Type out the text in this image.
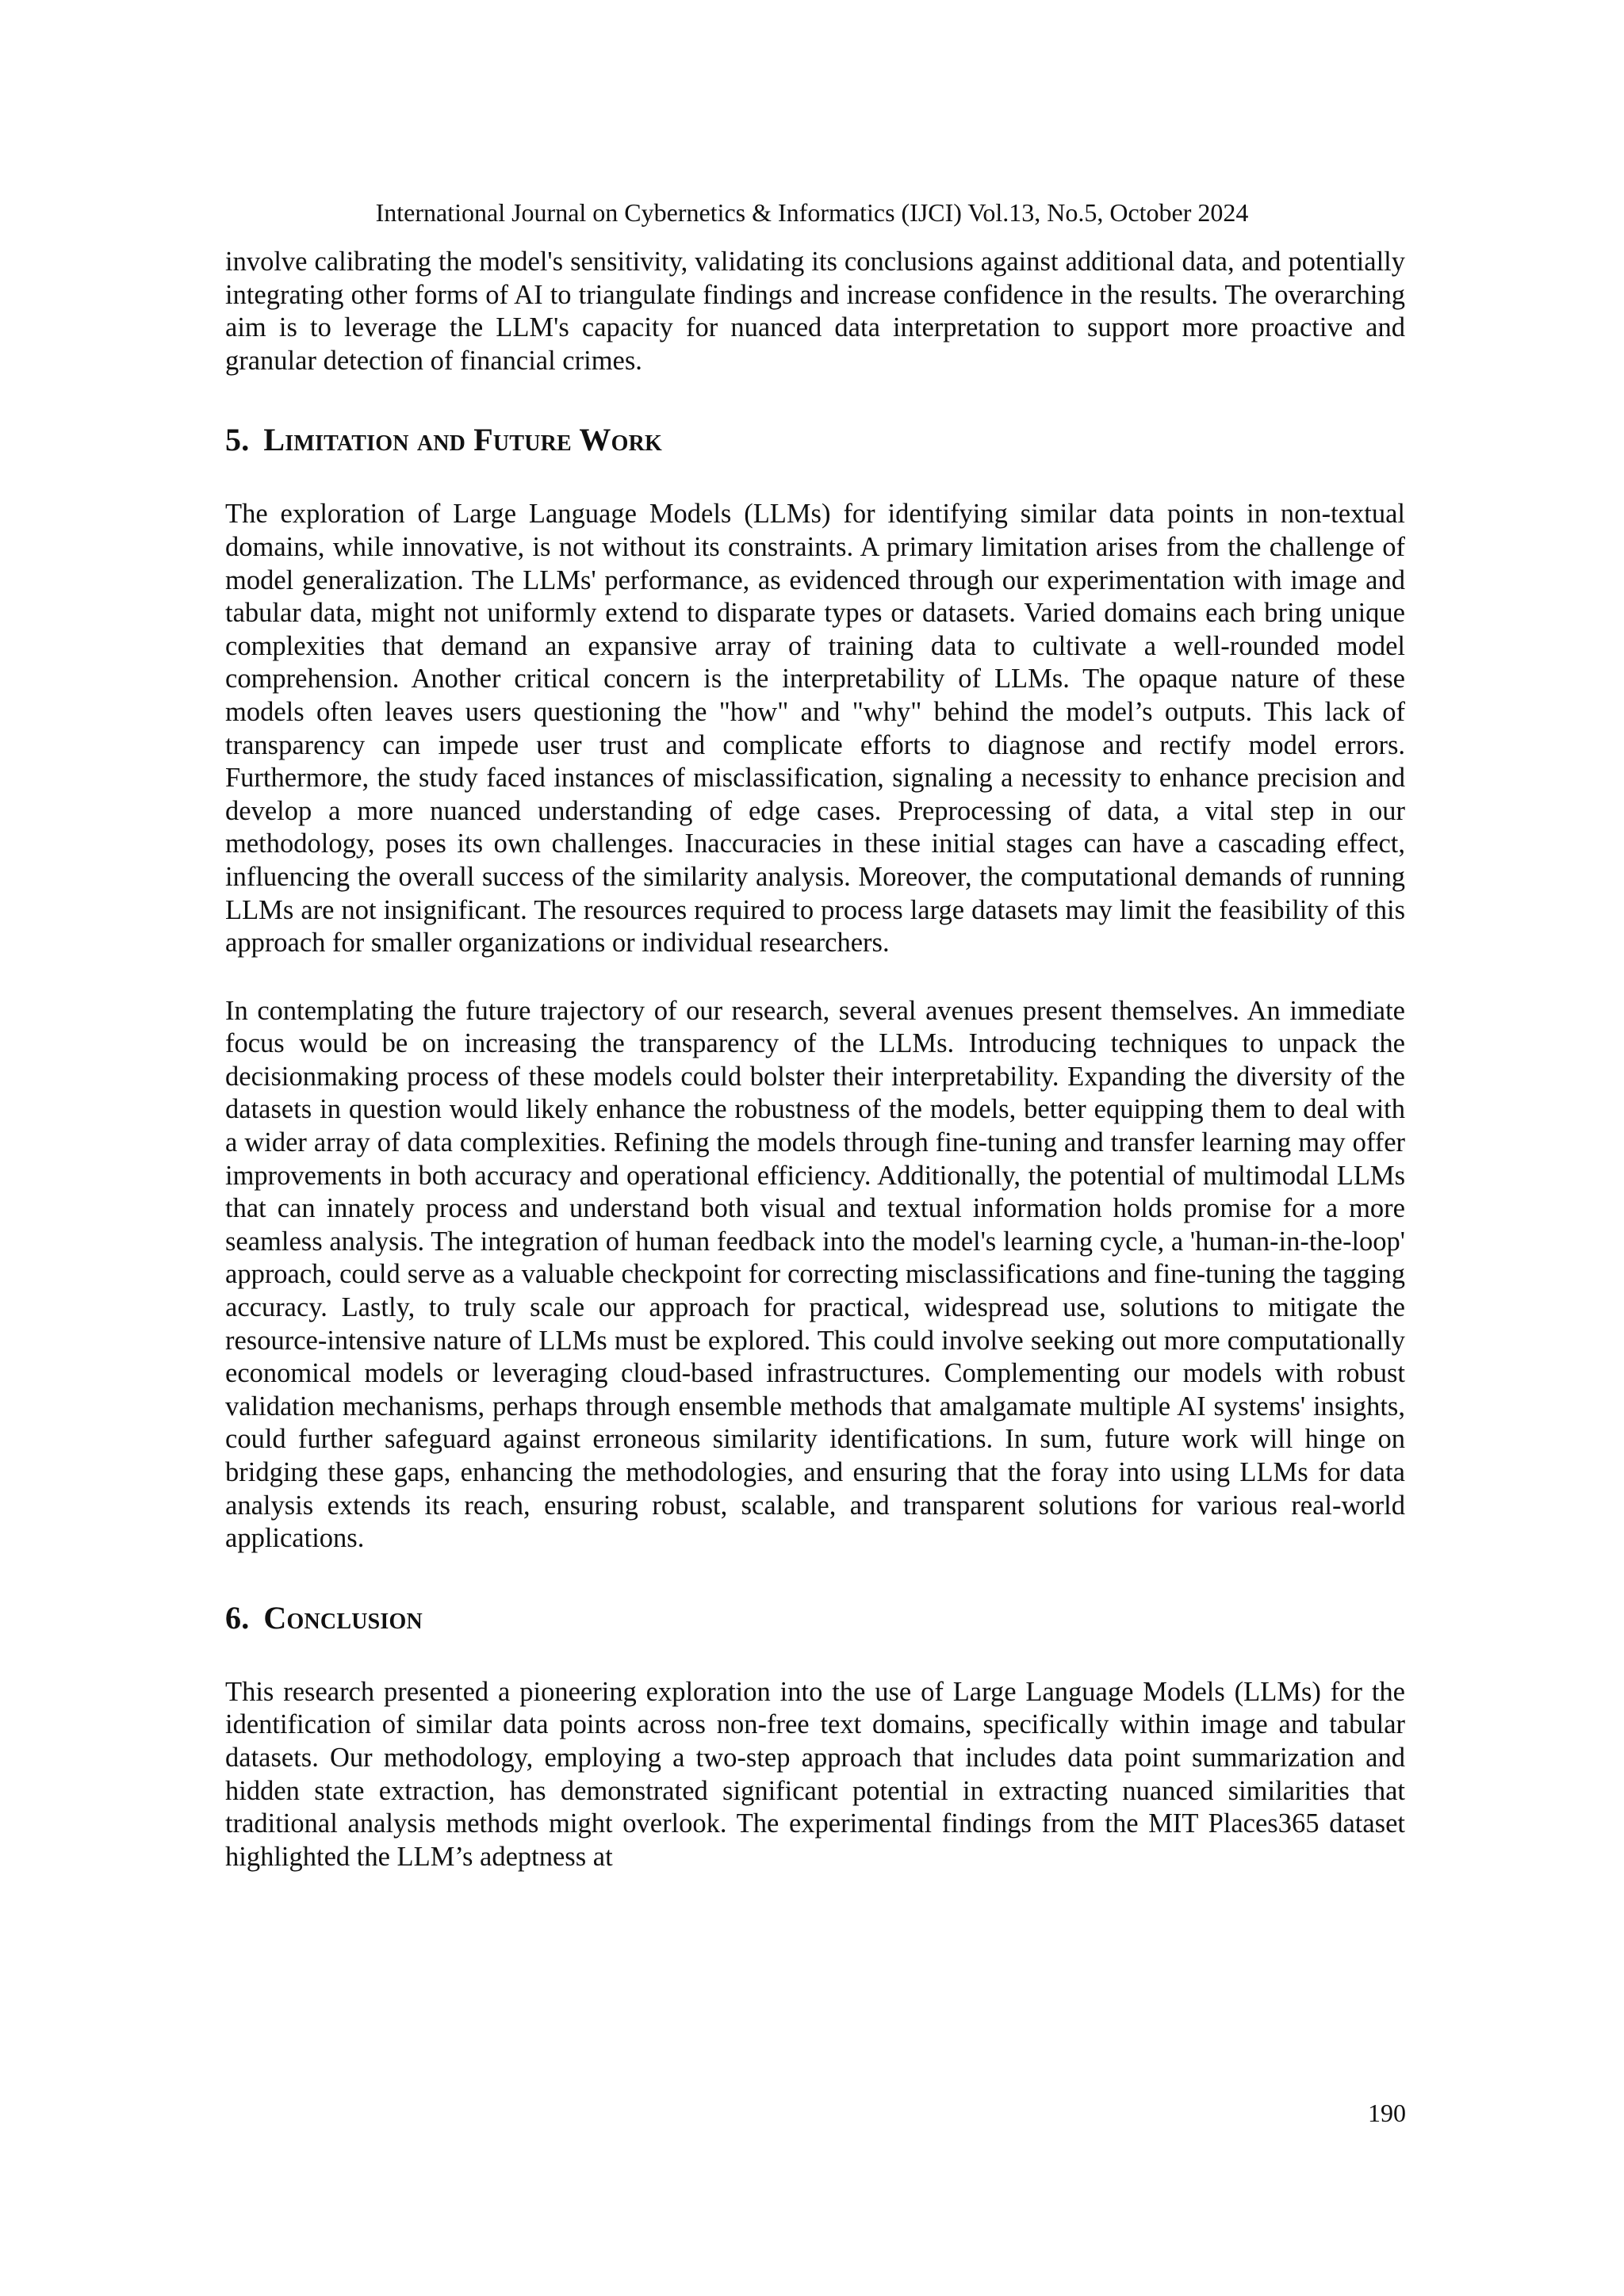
International Journal on Cybernetics & Informatics (IJCI) Vol.13, No.5, October 2024

involve calibrating the model's sensitivity, validating its conclusions against additional data, and potentially integrating other forms of AI to triangulate findings and increase confidence in the results. The overarching aim is to leverage the LLM's capacity for nuanced data interpretation to support more proactive and granular detection of financial crimes.

5. Limitation and Future Work

The exploration of Large Language Models (LLMs) for identifying similar data points in non-textual domains, while innovative, is not without its constraints. A primary limitation arises from the challenge of model generalization. The LLMs' performance, as evidenced through our experimentation with image and tabular data, might not uniformly extend to disparate types or datasets. Varied domains each bring unique complexities that demand an expansive array of training data to cultivate a well-rounded model comprehension. Another critical concern is the interpretability of LLMs. The opaque nature of these models often leaves users questioning the "how" and "why" behind the model’s outputs. This lack of transparency can impede user trust and complicate efforts to diagnose and rectify model errors. Furthermore, the study faced instances of misclassification, signaling a necessity to enhance precision and develop a more nuanced understanding of edge cases. Preprocessing of data, a vital step in our methodology, poses its own challenges. Inaccuracies in these initial stages can have a cascading effect, influencing the overall success of the similarity analysis. Moreover, the computational demands of running LLMs are not insignificant. The resources required to process large datasets may limit the feasibility of this approach for smaller organizations or individual researchers.

In contemplating the future trajectory of our research, several avenues present themselves. An immediate focus would be on increasing the transparency of the LLMs. Introducing techniques to unpack the decisionmaking process of these models could bolster their interpretability. Expanding the diversity of the datasets in question would likely enhance the robustness of the models, better equipping them to deal with a wider array of data complexities. Refining the models through fine-tuning and transfer learning may offer improvements in both accuracy and operational efficiency. Additionally, the potential of multimodal LLMs that can innately process and understand both visual and textual information holds promise for a more seamless analysis. The integration of human feedback into the model's learning cycle, a 'human-in-the-loop' approach, could serve as a valuable checkpoint for correcting misclassifications and fine-tuning the tagging accuracy. Lastly, to truly scale our approach for practical, widespread use, solutions to mitigate the resource-intensive nature of LLMs must be explored. This could involve seeking out more computationally economical models or leveraging cloud-based infrastructures. Complementing our models with robust validation mechanisms, perhaps through ensemble methods that amalgamate multiple AI systems' insights, could further safeguard against erroneous similarity identifications. In sum, future work will hinge on bridging these gaps, enhancing the methodologies, and ensuring that the foray into using LLMs for data analysis extends its reach, ensuring robust, scalable, and transparent solutions for various real-world applications.

6. Conclusion

This research presented a pioneering exploration into the use of Large Language Models (LLMs) for the identification of similar data points across non-free text domains, specifically within image and tabular datasets. Our methodology, employing a two-step approach that includes data point summarization and hidden state extraction, has demonstrated significant potential in extracting nuanced similarities that traditional analysis methods might overlook. The experimental findings from the MIT Places365 dataset highlighted the LLM’s adeptness at

190
